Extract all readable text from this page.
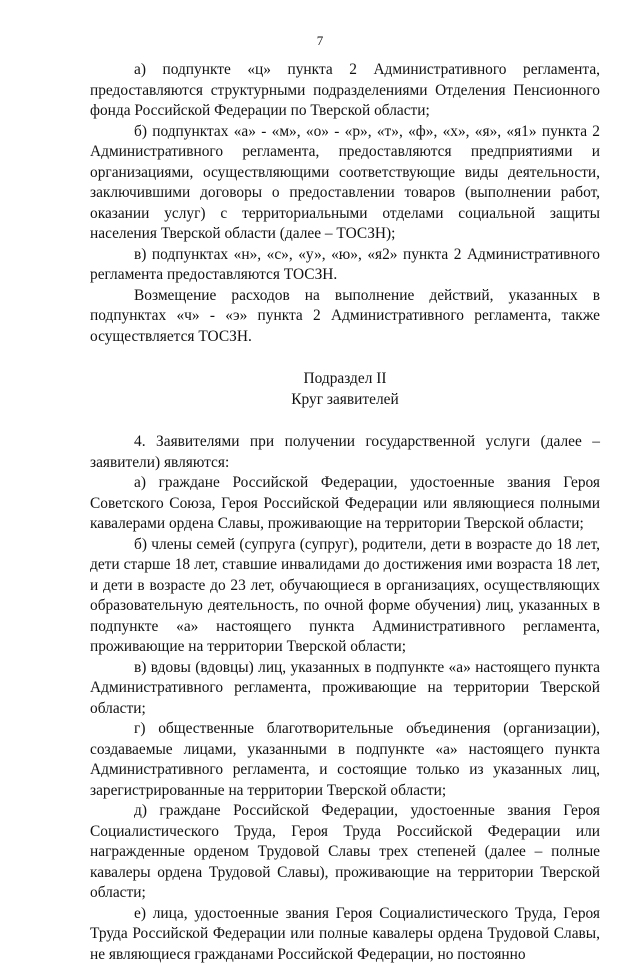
7

а) подпункте «ц» пункта 2 Административного регламента, предоставляются структурными подразделениями Отделения Пенсионного фонда Российской Федерации по Тверской области;

б) подпунктах «а» - «м», «о» - «р», «т», «ф», «х», «я», «я1» пункта 2 Административного регламента, предоставляются предприятиями и организациями, осуществляющими соответствующие виды деятельности, заключившими договоры о предоставлении товаров (выполнении работ, оказании услуг) с территориальными отделами социальной защиты населения Тверской области (далее – ТОСЗН);

в) подпунктах «н», «с», «у», «ю», «я2» пункта 2 Административного регламента предоставляются ТОСЗН.

Возмещение расходов на выполнение действий, указанных в подпунктах «ч» - «э» пункта 2 Административного регламента, также осуществляется ТОСЗН.

Подраздел II

Круг заявителей

4. Заявителями при получении государственной услуги (далее – заявители) являются:

а) граждане Российской Федерации, удостоенные звания Героя Советского Союза, Героя Российской Федерации или являющиеся полными кавалерами ордена Славы, проживающие на территории Тверской области;

б) члены семей (супруга (супруг), родители, дети в возрасте до 18 лет, дети старше 18 лет, ставшие инвалидами до достижения ими возраста 18 лет, и дети в возрасте до 23 лет, обучающиеся в организациях, осуществляющих образовательную деятельность, по очной форме обучения) лиц, указанных в подпункте «а» настоящего пункта Административного регламента, проживающие на территории Тверской области;

в) вдовы (вдовцы) лиц, указанных в подпункте «а» настоящего пункта Административного регламента, проживающие на территории Тверской области;

г) общественные благотворительные объединения (организации), создаваемые лицами, указанными в подпункте «а» настоящего пункта Административного регламента, и состоящие только из указанных лиц, зарегистрированные на территории Тверской области;

д) граждане Российской Федерации, удостоенные звания Героя Социалистического Труда, Героя Труда Российской Федерации или награжденные орденом Трудовой Славы трех степеней (далее – полные кавалеры ордена Трудовой Славы), проживающие на территории Тверской области;

е) лица, удостоенные звания Героя Социалистического Труда, Героя Труда Российской Федерации или полные кавалеры ордена Трудовой Славы, не являющиеся гражданами Российской Федерации, но постоянно
